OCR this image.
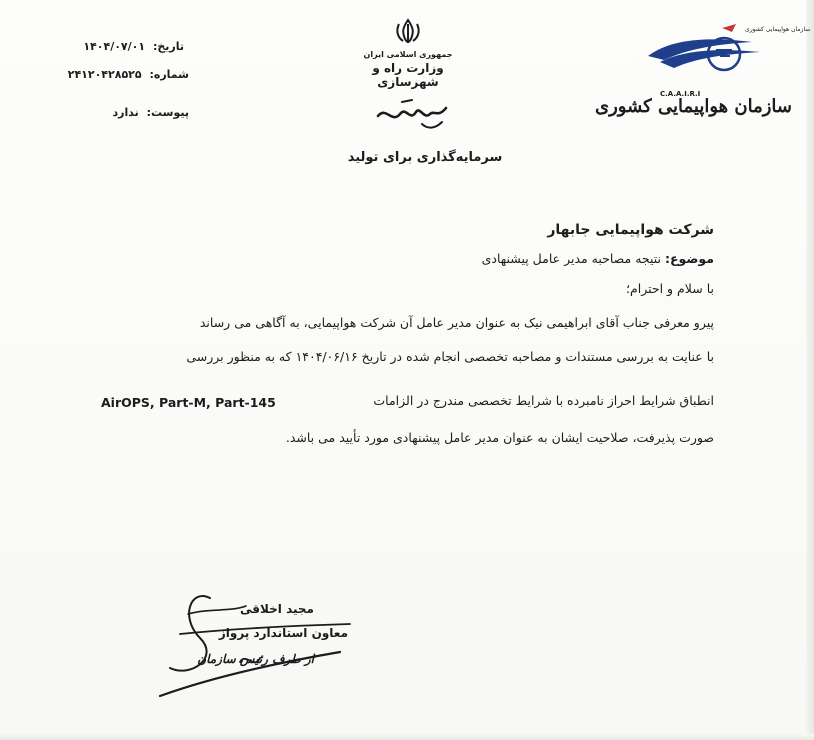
تاریخ: ۱۴۰۴/۰۷/۰۱
شماره: ۲۴۱۲۰۴۲۸۵۲۵
پیوست: ندارد
جمهوری اسلامی ایران
وزارت راه و شهرسازی
سرمایه‌گذاری برای تولید
سازمان هواپیمایی کشوری
C.A.A.I.R.I
سازمان هواپیمایی کشوری
شرکت هواپیمایی جابهار
موضوع: نتیجه مصاحبه مدیر عامل پیشنهادی
با سلام و احترام؛
پیرو معرفی جناب آقای ابراهیمی نیک به عنوان مدیر عامل آن شرکت هواپیمایی، به آگاهی می رساند
با عنایت به بررسی مستندات و مصاحبه تخصصی انجام شده در تاریخ ۱۴۰۴/۰۶/۱۶ که به منظور بررسی
انطباق شرایط احراز نامبرده با شرایط تخصصی مندرج در الزامات
AirOPS, Part-M, Part-145
صورت پذیرفت، صلاحیت ایشان به عنوان مدیر عامل پیشنهادی مورد تأیید می باشد.
مجید اخلاقی
معاون استاندارد پرواز
از طرف رئیس سازمان
